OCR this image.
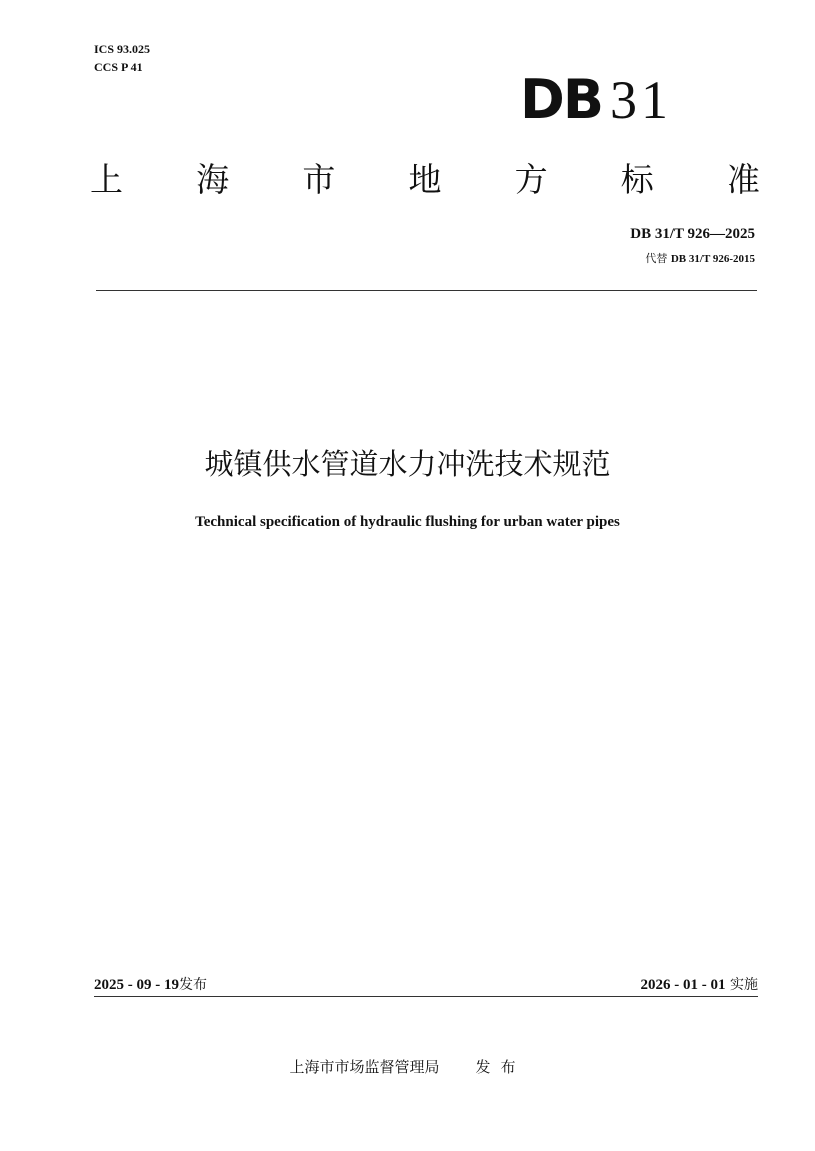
ICS 93.025
CCS P 41
DB 31
上 海 市 地 方 标 准
DB 31/T 926—2025
代替 DB 31/T 926-2015
城镇供水管道水力冲洗技术规范
Technical specification of hydraulic flushing for urban water pipes
2025 - 09 - 19发布	2026 - 01 - 01 实施
上海市市场监督管理局 发布
